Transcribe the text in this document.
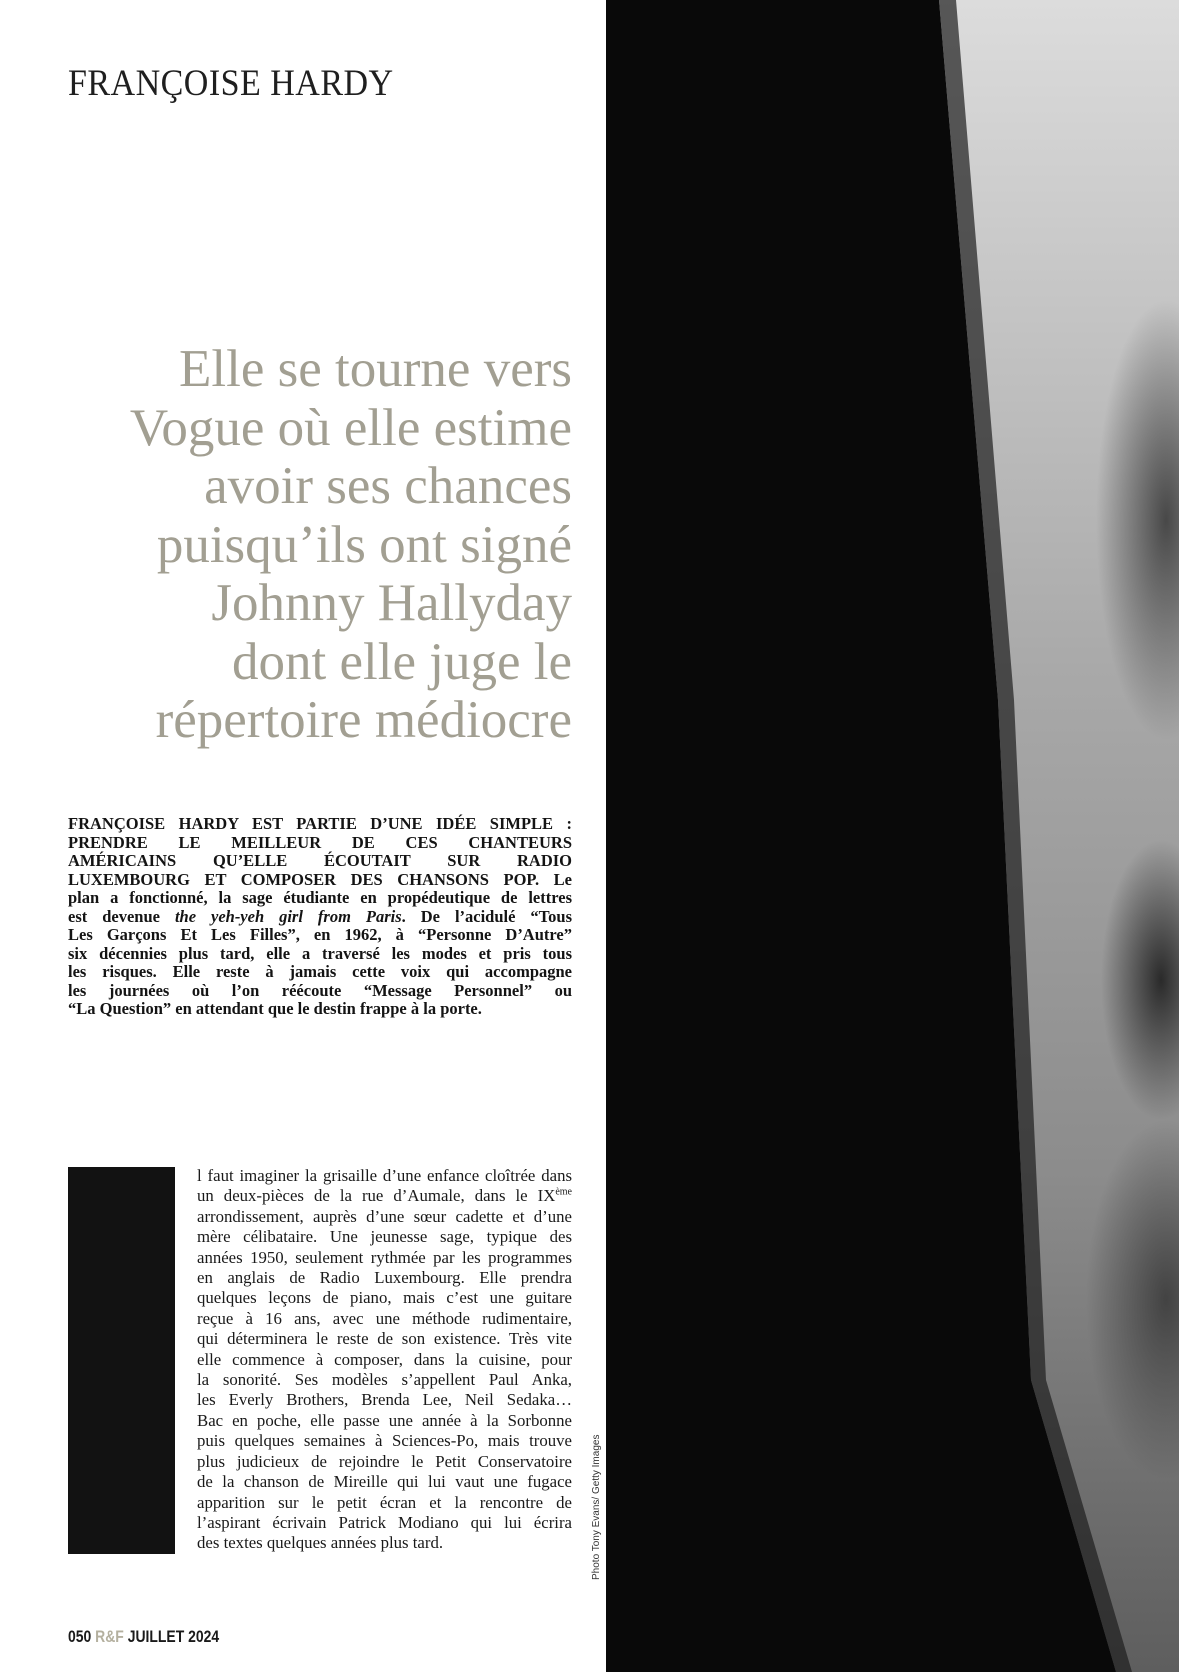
FRANÇOISE HARDY
Elle se tourne vers
Vogue où elle estime
avoir ses chances
puisqu’ils ont signé
Johnny Hallyday
dont elle juge le
répertoire médiocre
FRANÇOISE HARDY EST PARTIE D’UNE IDÉE SIMPLE :
PRENDRE LE MEILLEUR DE CES CHANTEURS
AMÉRICAINS QU’ELLE ÉCOUTAIT SUR RADIO
LUXEMBOURG ET COMPOSER DES CHANSONS POP. Le
plan a fonctionné, la sage étudiante en propédeutique de lettres
est devenue the yeh-yeh girl from Paris. De l’acidulé “Tous
Les Garçons Et Les Filles”, en 1962, à “Personne D’Autre”
six décennies plus tard, elle a traversé les modes et pris tous
les risques. Elle reste à jamais cette voix qui accompagne
les journées où l’on réécoute “Message Personnel” ou
“La Question” en attendant que le destin frappe à la porte.
l faut imaginer la grisaille d’une enfance cloîtrée dans
un deux-pièces de la rue d’Aumale, dans le IXème
arrondissement, auprès d’une sœur cadette et d’une
mère célibataire. Une jeunesse sage, typique des
années 1950, seulement rythmée par les programmes
en anglais de Radio Luxembourg. Elle prendra
quelques leçons de piano, mais c’est une guitare
reçue à 16 ans, avec une méthode rudimentaire,
qui déterminera le reste de son existence. Très vite
elle commence à composer, dans la cuisine, pour
la sonorité. Ses modèles s’appellent Paul Anka,
les Everly Brothers, Brenda Lee, Neil Sedaka…
Bac en poche, elle passe une année à la Sorbonne
puis quelques semaines à Sciences-Po, mais trouve
plus judicieux de rejoindre le Petit Conservatoire
de la chanson de Mireille qui lui vaut une fugace
apparition sur le petit écran et la rencontre de
l’aspirant écrivain Patrick Modiano qui lui écrira
des textes quelques années plus tard.
050 R&F JUILLET 2024
Photo Tony Evans/ Getty Images
